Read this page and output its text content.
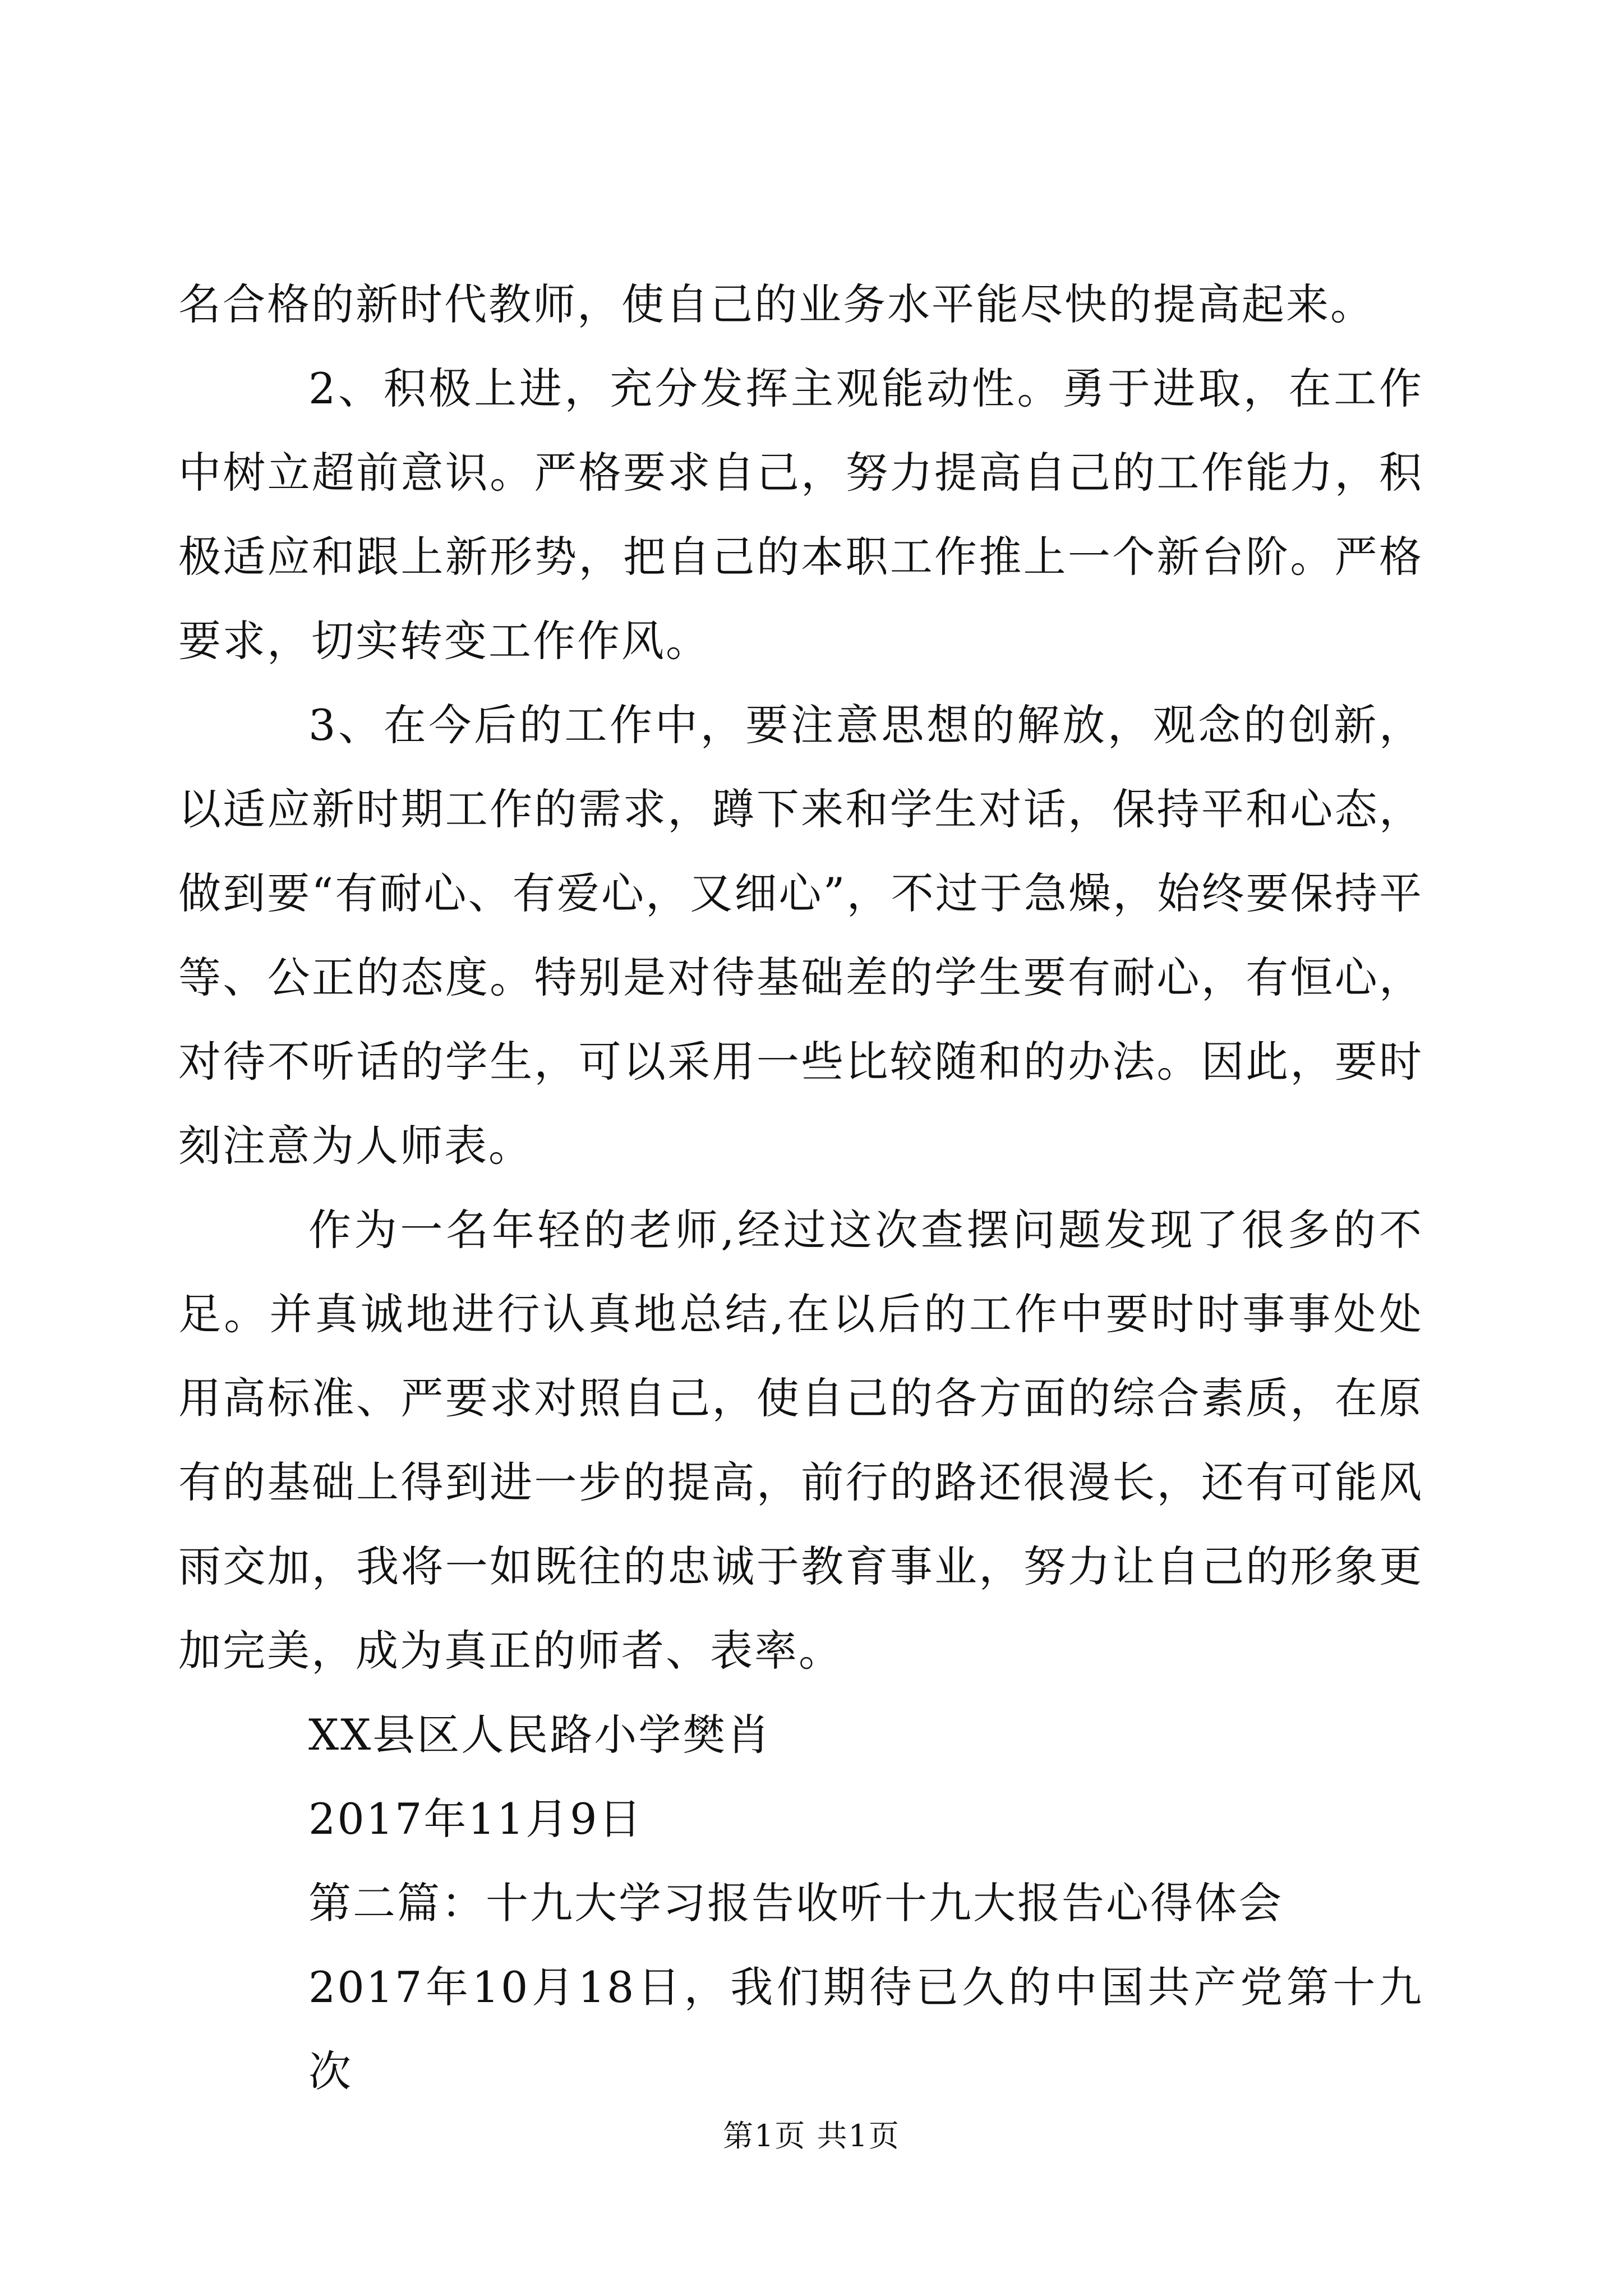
名合格的新时代教师，使自己的业务水平能尽快的提高起来。

2、积极上进，充分发挥主观能动性。勇于进取，在工作中树立超前意识。严格要求自己，努力提高自己的工作能力，积极适应和跟上新形势，把自己的本职工作推上一个新台阶。严格要求，切实转变工作作风。

3、在今后的工作中，要注意思想的解放，观念的创新，以适应新时期工作的需求，蹲下来和学生对话，保持平和心态，做到要“有耐心、有爱心，又细心”，不过于急燥，始终要保持平等、公正的态度。特别是对待基础差的学生要有耐心，有恒心，对待不听话的学生，可以采用一些比较随和的办法。因此，要时刻注意为人师表。

作为一名年轻的老师,经过这次查摆问题发现了很多的不足。并真诚地进行认真地总结,在以后的工作中要时时事事处处用高标准、严要求对照自己，使自己的各方面的综合素质，在原有的基础上得到进一步的提高，前行的路还很漫长，还有可能风雨交加，我将一如既往的忠诚于教育事业，努力让自己的形象更加完美，成为真正的师者、表率。

XX县区人民路小学樊肖

2017年11月9日

第二篇：十九大学习报告收听十九大报告心得体会

2017年10月18日，我们期待已久的中国共产党第十九次

第1页 共1页
